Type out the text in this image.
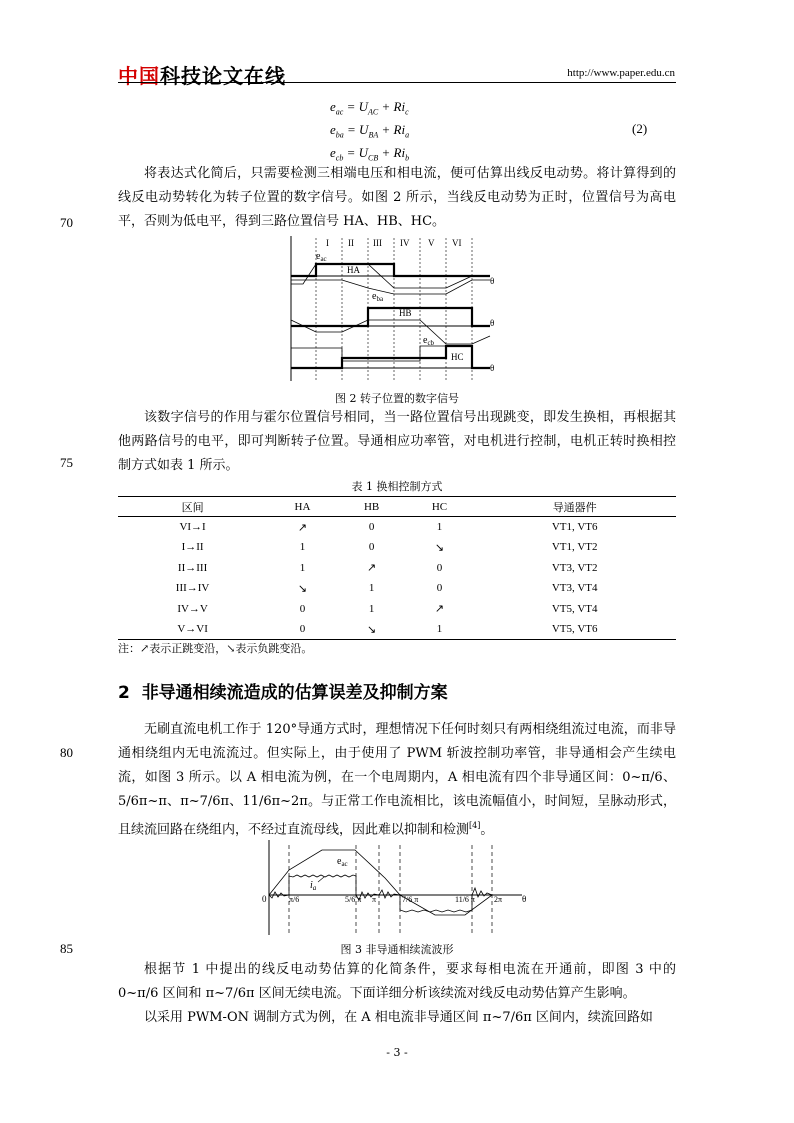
中国科技论文在线	http://www.paper.edu.cn
$e_{ac} = U_{AC} + Ri_c$
$e_{ba} = U_{BA} + Ri_a$
$e_{cb} = U_{CB} + Ri_b$
(2)
将表达式化简后，只需要检测三相端电压和相电流，便可估算出线反电动势。将计算得到的线反电动势转化为转子位置的数字信号。如图 2 所示，当线反电动势为正时，位置信号为高电平，否则为低电平，得到三路位置信号 HA、HB、HC。
70
I II III IV V VI
$e_{ac}$
HA
$e_{ba}$
HB
$e_{cb}$
HC
θ
θ
θ
图 2 转子位置的数字信号
该数字信号的作用与霍尔位置信号相同，当一路位置信号出现跳变，即发生换相，再根据其他两路信号的电平，即可判断转子位置。导通相应功率管，对电机进行控制，电机正转时换相控制方式如表 1 所示。
75
表 1 换相控制方式
区间	HA	HB	HC	导通器件
VI→I	↗	0	1	VT1, VT6
I→II	1	0	↘	VT1, VT2
II→III	1	↗	0	VT3, VT2
III→IV	↘	1	0	VT3, VT4
IV→V	0	1	↗	VT5, VT4
V→VI	0	↘	1	VT5, VT6
注：↗表示正跳变沿，↘表示负跳变沿。
2 非导通相续流造成的估算误差及抑制方案
无刷直流电机工作于 120°导通方式时，理想情况下任何时刻只有两相绕组流过电流，而非导通相绕组内无电流流过。但实际上，由于使用了 PWM 斩波控制功率管，非导通相会产生续电流，如图 3 所示。以 A 相电流为例，在一个电周期内，A 相电流有四个非导通区间：0~π/6、5/6π~π、π~7/6π、11/6π~2π。与正常工作电流相比，该电流幅值小，时间短，呈脉动形式，且续流回路在绕组内，不经过直流母线，因此难以抑制和检测[4]。
80
$e_{ac}$
$i_a$
0	π/6	5/6 π π	7/6 π	11/6 π 2π θ
图 3 非导通相续流波形
85
根据节 1 中提出的线反电动势估算的化简条件，要求每相电流在开通前，即图 3 中的 0~π/6 区间和 π~7/6π 区间无续电流。下面详细分析该续流对线反电动势估算产生影响。
以采用 PWM-ON 调制方式为例，在 A 相电流非导通区间 π~7/6π 区间内，续流回路如
- 3 -
